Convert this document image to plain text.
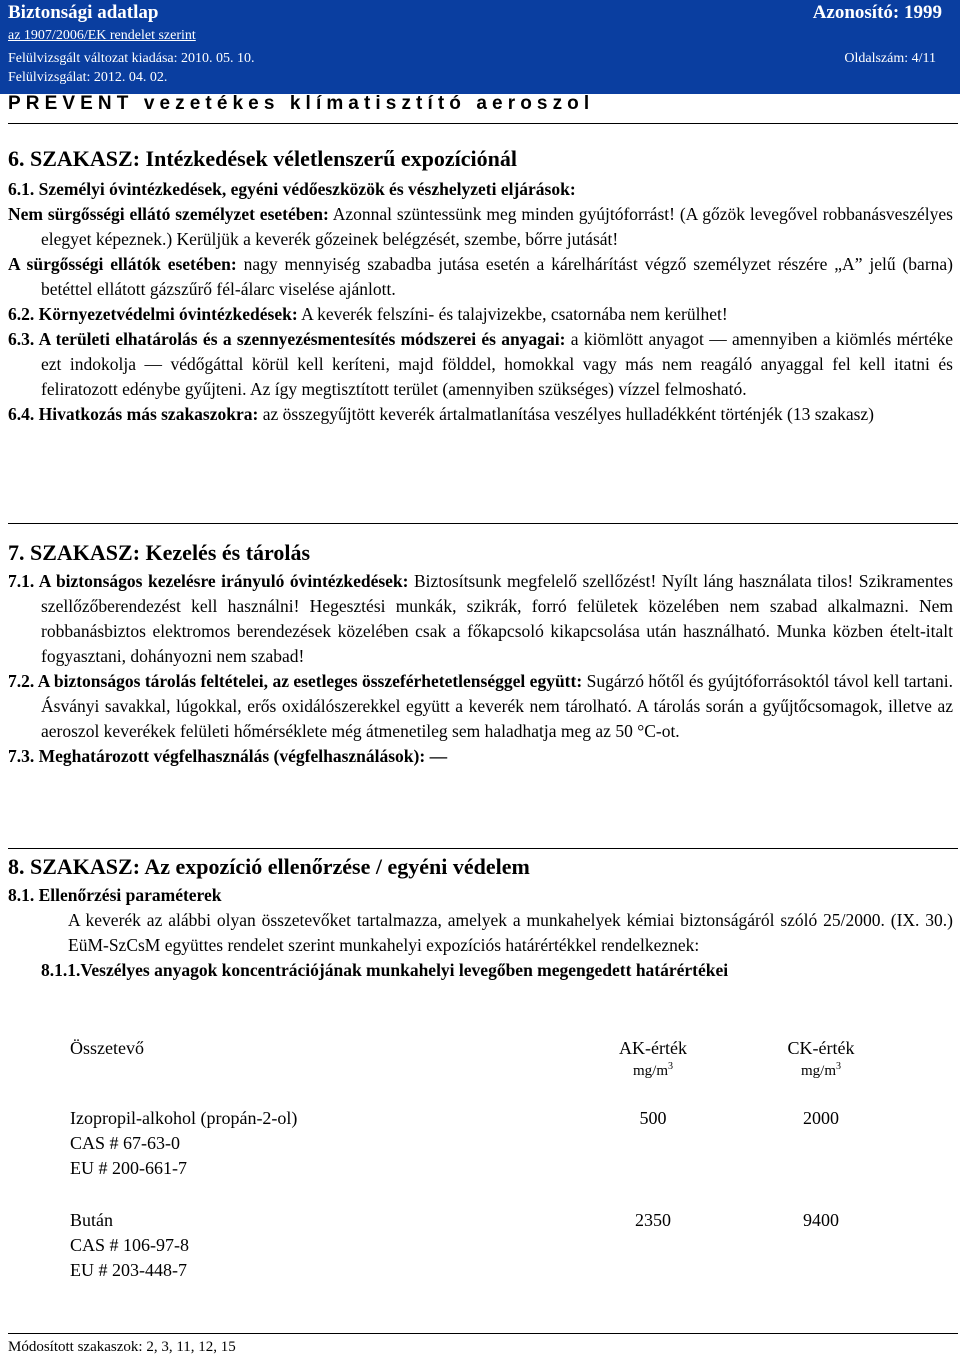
Biztonsági adatlap	Azonosító: 1999
az 1907/2006/EK rendelet szerint
Felülvizsgált változat kiadása: 2010. 05. 10.	Oldalszám: 4/11
Felülvizsgálat: 2012. 04. 02.
PREVENT vezetékes klímatisztító aeroszol
6. SZAKASZ: Intézkedések véletlenszerű expozíciónál
6.1. Személyi óvintézkedések, egyéni védőeszközök és vészhelyzeti eljárások:
Nem sürgősségi ellátó személyzet esetében: Azonnal szüntessünk meg minden gyújtóforrást! (A gőzök levegővel robbanásveszélyes elegyet képeznek.) Kerüljük a keverék gőzeinek belégzését, szembe, bőrre jutását!
A sürgősségi ellátók esetében: nagy mennyiség szabadba jutása esetén a kárelhárítást végző személyzet részére „A” jelű (barna) betéttel ellátott gázszűrő fél-álarc viselése ajánlott.
6.2. Környezetvédelmi óvintézkedések: A keverék felszíni- és talajvizekbe, csatornába nem kerülhet!
6.3. A területi elhatárolás és a szennyezésmentesítés módszerei és anyagai: a kiömlött anyagot — amennyiben a kiömlés mértéke ezt indokolja — védőgáttal körül kell keríteni, majd földdel, homokkal vagy más nem reagáló anyaggal fel kell itatni és feliratozott edénybe gyűjteni. Az így megtisztított terület (amennyiben szükséges) vízzel felmosható.
6.4. Hivatkozás más szakaszokra: az összegyűjtött keverék ártalmatlanítása veszélyes hulladékként történjék (13 szakasz)
7. SZAKASZ: Kezelés és tárolás
7.1. A biztonságos kezelésre irányuló óvintézkedések: Biztosítsunk megfelelő szellőzést! Nyílt láng használata tilos! Szikramentes szellőzőberendezést kell használni! Hegesztési munkák, szikrák, forró felületek közelében nem szabad alkalmazni. Nem robbanásbiztos elektromos berendezések közelében csak a főkapcsoló kikapcsolása után használható. Munka közben ételt-italt fogyasztani, dohányozni nem szabad!
7.2. A biztonságos tárolás feltételei, az esetleges összeférhetetlenséggel együtt: Sugárzó hőtől és gyújtóforrásoktól távol kell tartani. Ásványi savakkal, lúgokkal, erős oxidálószerekkel együtt a keverék nem tárolható. A tárolás során a gyűjtőcsomagok, illetve az aeroszol keverékek felületi hőmérséklete még átmenetileg sem haladhatja meg az 50 °C-ot.
7.3. Meghatározott végfelhasználás (végfelhasználások): —
8. SZAKASZ: Az expozíció ellenőrzése / egyéni védelem
8.1. Ellenőrzési paraméterek
A keverék az alábbi olyan összetevőket tartalmazza, amelyek a munkahelyek kémiai biztonságáról szóló 25/2000. (IX. 30.) EüM-SzCsM együttes rendelet szerint munkahelyi expozíciós határértékkel rendelkeznek:
8.1.1.Veszélyes anyagok koncentrációjának munkahelyi levegőben megengedett határértékei
Összetevő	AK-érték	CK-érték
$mg/m^3$	$mg/m^3$
Izopropil-alkohol (propán-2-ol)
CAS # 67-63-0
EU # 200-661-7
500	2000
Bután
CAS # 106-97-8
EU # 203-448-7
2350	9400
Módosított szakaszok: 2, 3, 11, 12, 15
